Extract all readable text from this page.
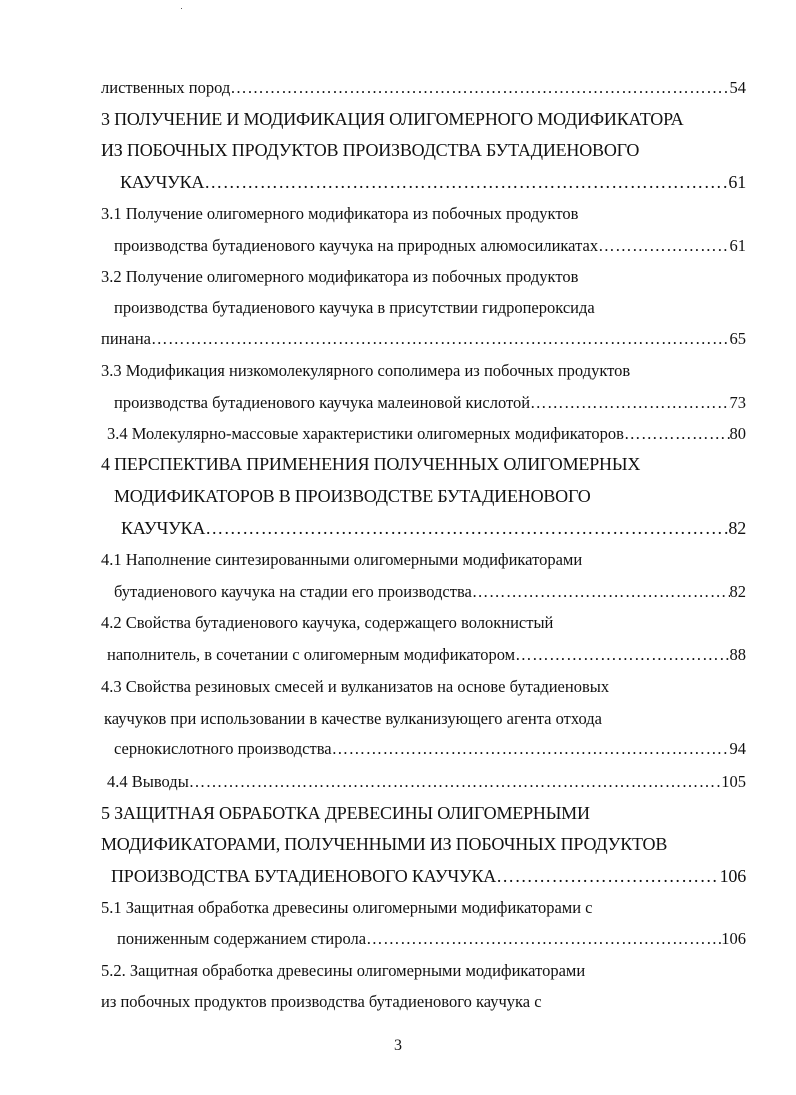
лиственных пород ………………………………………………………………………………………………………………………………………………………………………………………………………………………………………………………	54
3 ПОЛУЧЕНИЕ И МОДИФИКАЦИЯ ОЛИГОМЕРНОГО МОДИФИКАТОРА
ИЗ ПОБОЧНЫХ ПРОДУКТОВ ПРОИЗВОДСТВА БУТАДИЕНОВОГО
КАУЧУКА ………………………………………………………………………………………………………………………………………………………………………………………………………………………………………………………	61
3.1 Получение олигомерного модификатора из побочных продуктов
производства бутадиенового каучука на природных алюмосиликатах ………………………………………………………………………………………………………………………………………………………………………………………………………………………………………………………	61
3.2 Получение олигомерного модификатора из побочных продуктов
производства бутадиенового каучука в присутствии гидропероксида
пинана ………………………………………………………………………………………………………………………………………………………………………………………………………………………………………………………	65
3.3 Модификация низкомолекулярного сополимера из побочных продуктов
производства бутадиенового каучука малеиновой кислотой ………………………………………………………………………………………………………………………………………………………………………………………………………………………………………………………	73
3.4 Молекулярно-массовые характеристики олигомерных модификаторов ………………………………………………………………………………………………………………………………………………………………………………………………………………………………………………………	80
4 ПЕРСПЕКТИВА ПРИМЕНЕНИЯ ПОЛУЧЕННЫХ ОЛИГОМЕРНЫХ
МОДИФИКАТОРОВ В ПРОИЗВОДСТВЕ БУТАДИЕНОВОГО
КАУЧУКА ………………………………………………………………………………………………………………………………………………………………………………………………………………………………………………………	82
4.1 Наполнение синтезированными олигомерными модификаторами
бутадиенового каучука на стадии его производства ………………………………………………………………………………………………………………………………………………………………………………………………………………………………………………………	82
4.2 Свойства бутадиенового каучука, содержащего волокнистый
наполнитель, в сочетании с олигомерным модификатором ………………………………………………………………………………………………………………………………………………………………………………………………………………………………………………………	88
4.3 Свойства резиновых смесей и вулканизатов на основе бутадиеновых
каучуков при использовании в качестве вулканизующего агента отхода
сернокислотного производства ………………………………………………………………………………………………………………………………………………………………………………………………………………………………………………………	94
4.4 Выводы ………………………………………………………………………………………………………………………………………………………………………………………………………………………………………………………	105
5 ЗАЩИТНАЯ ОБРАБОТКА ДРЕВЕСИНЫ ОЛИГОМЕРНЫМИ
МОДИФИКАТОРАМИ, ПОЛУЧЕННЫМИ ИЗ ПОБОЧНЫХ ПРОДУКТОВ
ПРОИЗВОДСТВА БУТАДИЕНОВОГО КАУЧУКА ………………………………………………………………………………………………………………………………………………………………………………………………………………………………………………………	106
5.1 Защитная обработка древесины олигомерными модификаторами с
пониженным содержанием стирола ………………………………………………………………………………………………………………………………………………………………………………………………………………………………………………………	106
5.2. Защитная обработка древесины олигомерными модификаторами
из побочных продуктов производства бутадиенового каучука с
3
